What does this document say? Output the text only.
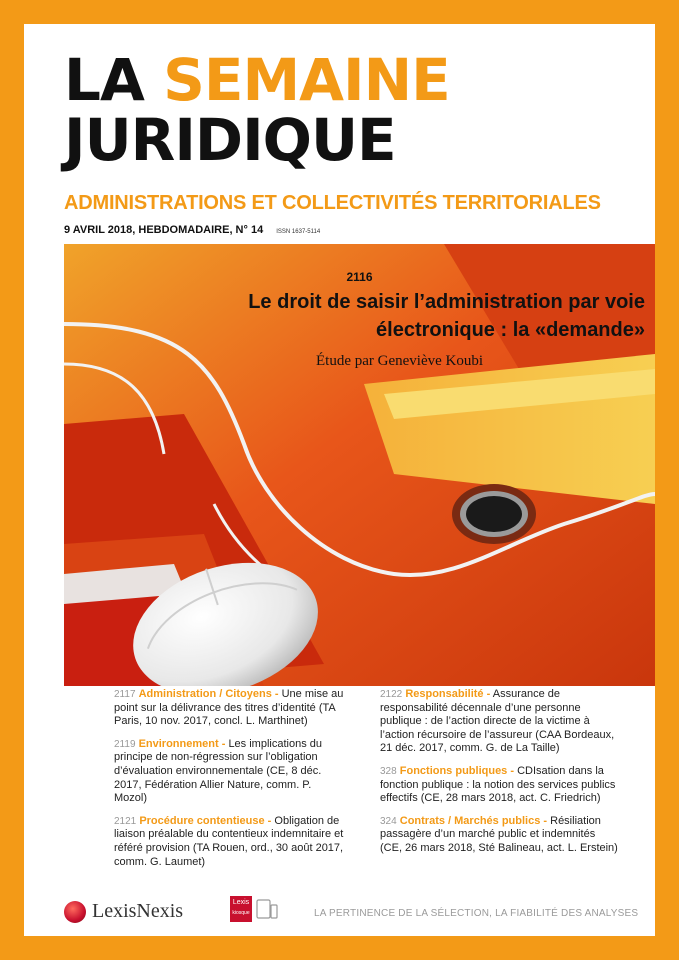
LA SEMAINE
JURIDIQUE
ADMINISTRATIONS ET COLLECTIVITÉS TERRITORIALES
9 AVRIL 2018, HEBDOMADAIRE, N° 14 ISSN 1637-5114
2116
Le droit de saisir l’administration par voie
électronique : la «demande»
Étude par Geneviève Koubi
2117 Administration / Citoyens - Une mise au point sur la délivrance des titres d’identité (TA Paris, 10 nov. 2017, concl. L. Marthinet)
2119 Environnement - Les implications du principe de non-régression sur l’obligation d’évaluation environnementale (CE, 8 déc. 2017, Fédération Allier Nature, comm. P. Mozol)
2121 Procédure contentieuse - Obligation de liaison préalable du contentieux indemnitaire et référé provision (TA Rouen, ord., 30 août 2017, comm. G. Laumet)
2122 Responsabilité - Assurance de responsabilité décennale d’une personne publique : de l’action directe de la victime à l’action récursoire de l’assureur (CAA Bordeaux, 21 déc. 2017, comm. G. de La Taille)
328 Fonctions publiques - CDIsation dans la fonction publique : la notion des services publics effectifs (CE, 28 mars 2018, act. C. Friedrich)
324 Contrats / Marchés publics - Résiliation passagère d’un marché public et indemnités (CE, 26 mars 2018, Sté Balineau, act. L. Erstein)
LexisNexis	Lexis
kiosque	LA PERTINENCE DE LA SÉLECTION, LA FIABILITÉ DES ANALYSES
